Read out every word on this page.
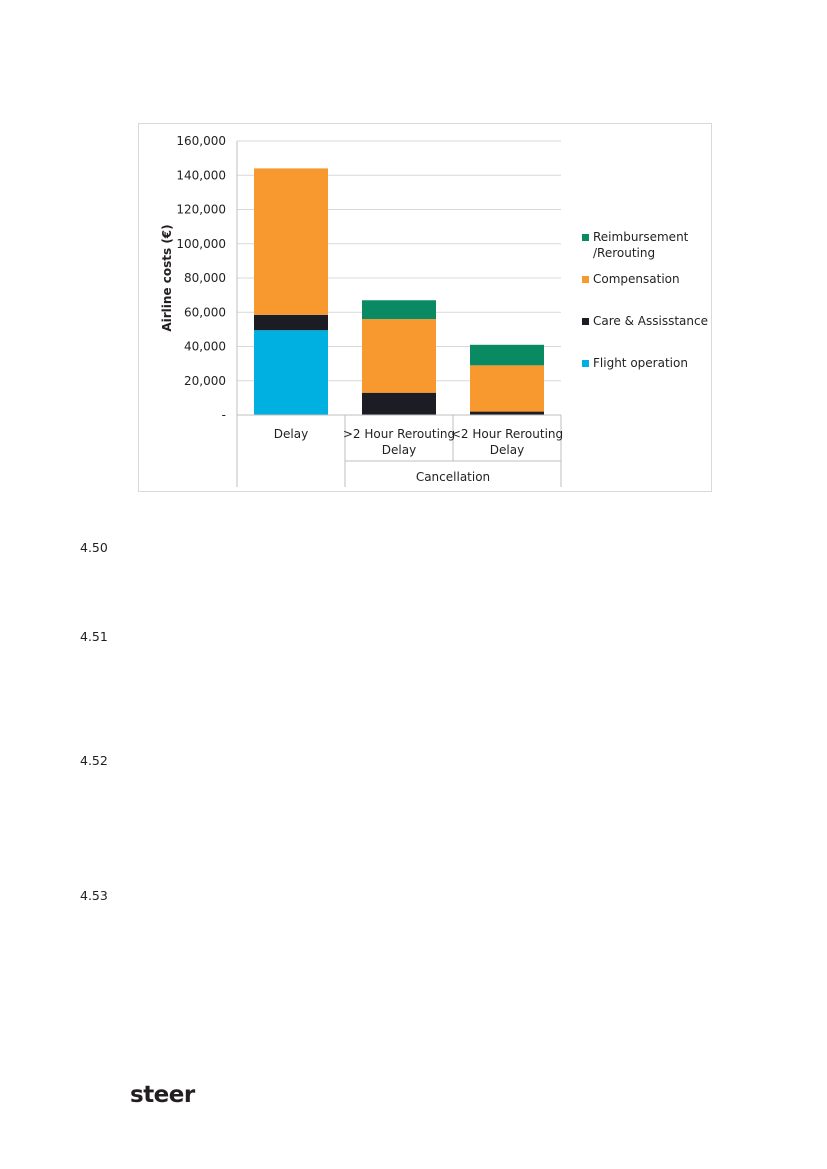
-
20,000
40,000
60,000
80,000
100,000
120,000
140,000
160,000
Airline costs (€)
Delay	>2 Hour Rerouting
Delay
<2 Hour Rerouting
Delay
Cancellation
Reimbursement
/Rerouting
Compensation
Care & Assisstance
Flight operation
4.50
4.51
4.52
4.53
steer
